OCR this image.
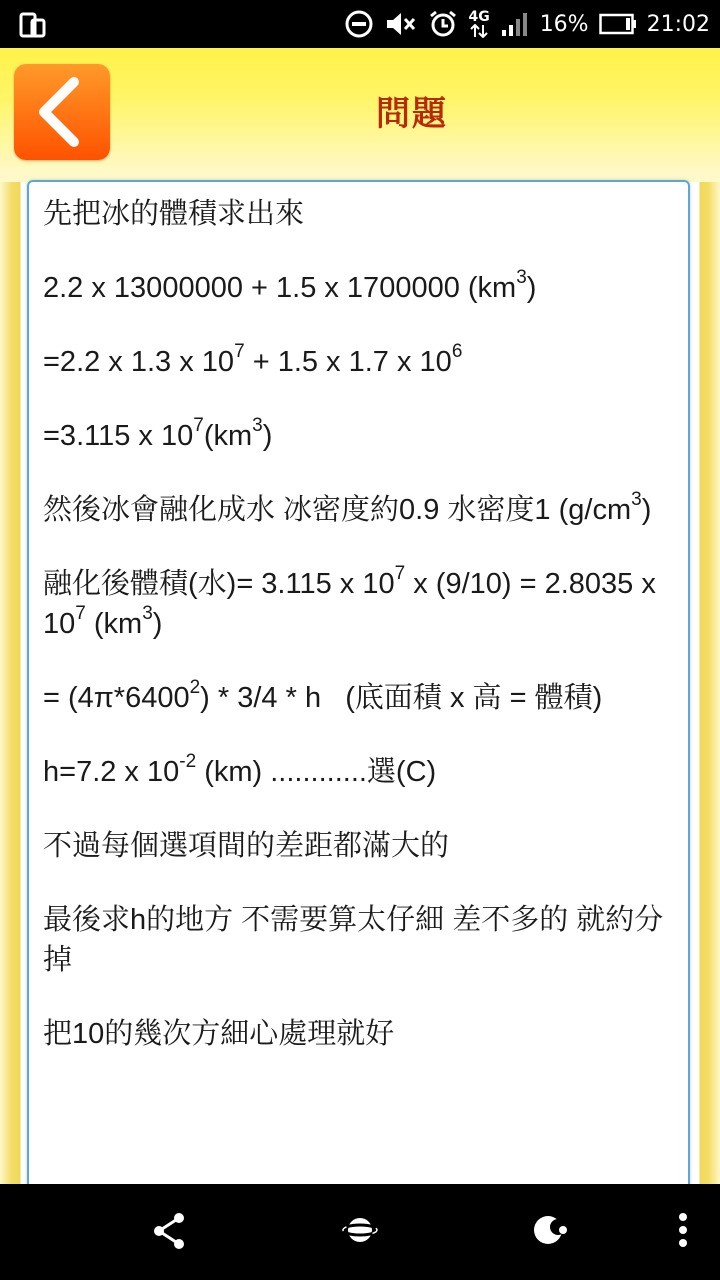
4G 16%	21:02
問題

先把冰的體積求出來

2.2 x 13000000 + 1.5 x 1700000 $(km^3)$

=2.2 x 1.3 x $10^7 + 1.5$ x 1.7 x $10^6$

=3.115 x $10^7(km^3)$

然後冰會融化成水 冰密度約0.9 水密度1 $(g/cm^3)$

融化後體積(水)= 3.115 x $10^7$ x (9/10) = 2.8035 x $10^7$ $(km^3)$

= $(4\pi*6400^2) * 3/4$ * h   (底面積 x 高 = 體積)

h=7.2 x $10^{-2}$ (km) ............選(C)

不過每個選項間的差距都滿大的

最後求h的地方 不需要算太仔細 差不多的 就約分掉

把10的幾次方細心處理就好
